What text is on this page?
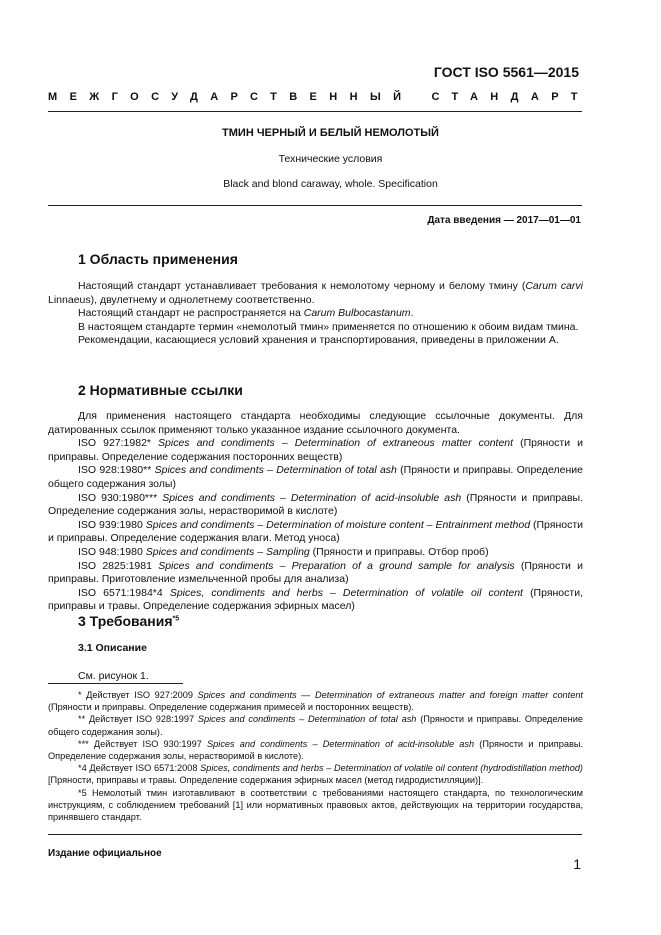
ГОСТ ISO 5561—2015
МЕЖГОСУДАРСТВЕННЫЙ СТАНДАРТ
ТМИН ЧЕРНЫЙ И БЕЛЫЙ НЕМОЛОТЫЙ
Технические условия
Black and blond caraway, whole. Specification
Дата введения — 2017—01—01
1 Область применения
Настоящий стандарт устанавливает требования к немолотому черному и белому тмину (Carum carvi Linnaeus), двулетнему и однолетнему соответственно.
Настоящий стандарт не распространяется на Carum Bulbocastanum.
В настоящем стандарте термин «немолотый тмин» применяется по отношению к обоим видам тмина.
Рекомендации, касающиеся условий хранения и транспортирования, приведены в приложении А.
2 Нормативные ссылки
Для применения настоящего стандарта необходимы следующие ссылочные документы. Для датированных ссылок применяют только указанное издание ссылочного документа.
ISO 927:1982* Spices and condiments – Determination of extraneous matter content (Пряности и приправы. Определение содержания посторонних веществ)
ISO 928:1980** Spices and condiments – Determination of total ash (Пряности и приправы. Определение общего содержания золы)
ISO 930:1980*** Spices and condiments – Determination of acid-insoluble ash (Пряности и приправы. Определение содержания золы, нерастворимой в кислоте)
ISO 939:1980 Spices and condiments – Determination of moisture content – Entrainment method (Пряности и приправы. Определение содержания влаги. Метод уноса)
ISO 948:1980 Spices and condiments – Sampling (Пряности и приправы. Отбор проб)
ISO 2825:1981 Spices and condiments – Preparation of a ground sample for analysis (Пряности и приправы. Приготовление измельченной пробы для анализа)
ISO 6571:1984*4 Spices, condiments and herbs – Determination of volatile oil content (Пряности, приправы и травы. Определение содержания эфирных масел)
3 Требования$^{*5}$
3.1 Описание
См. рисунок 1.
* Действует ISO 927:2009 Spices and condiments — Determination of extraneous matter and foreign matter content (Пряности и приправы. Определение содержания примесей и посторонних веществ).
** Действует ISO 928:1997 Spices and condiments – Determination of total ash (Пряности и приправы. Определение общего содержания золы).
*** Действует ISO 930:1997 Spices and condiments – Determination of acid-insoluble ash (Пряности и приправы. Определение содержания золы, нерастворимой в кислоте).
*4 Действует ISO 6571:2008 Spices, condiments and herbs – Determination of volatile oil content (hydrodistillation method) [Пряности, приправы и травы. Определение содержания эфирных масел (метод гидродистилляции)].
*5 Немолотый тмин изготавливают в соответствии с требованиями настоящего стандарта, по технологическим инструкциям, с соблюдением требований [1] или нормативных правовых актов, действующих на территории государства, принявшего стандарт.
Издание официальное
1
